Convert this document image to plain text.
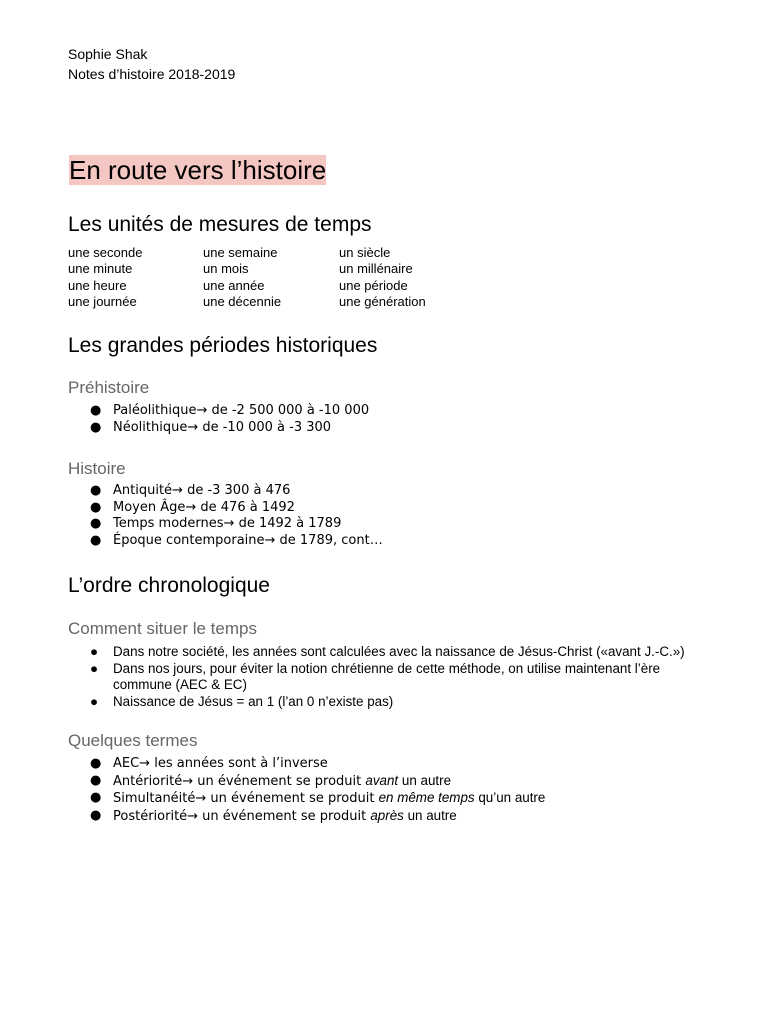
Sophie Shak
Notes d’histoire 2018-2019
En route vers l’histoire
Les unités de mesures de temps
une seconde
une minute
une heure
une journée
une semaine
un mois
une année
une décennie
un siècle
un millénaire
une période
une génération
Les grandes périodes historiques
Préhistoire
● Paléolithique→ de -2 500 000 à -10 000
● Néolithique→ de -10 000 à -3 300
Histoire
● Antiquité→ de -3 300 à 476
● Moyen Âge→ de 476 à 1492
● Temps modernes→ de 1492 à 1789
● Époque contemporaine→ de 1789, cont…
L’ordre chronologique
Comment situer le temps
● Dans notre société, les années sont calculées avec la naissance de Jésus-Christ («avant J.-C.»)
● Dans nos jours, pour éviter la notion chrétienne de cette méthode, on utilise maintenant l’ère commune (AEC & EC)
● Naissance de Jésus = an 1 (l’an 0 n’existe pas)
Quelques termes
● AEC→ les années sont à l’inverse
● Antériorité→ un événement se produit avant un autre
● Simultanéité→ un événement se produit en même temps qu’un autre
● Postériorité→ un événement se produit après un autre
